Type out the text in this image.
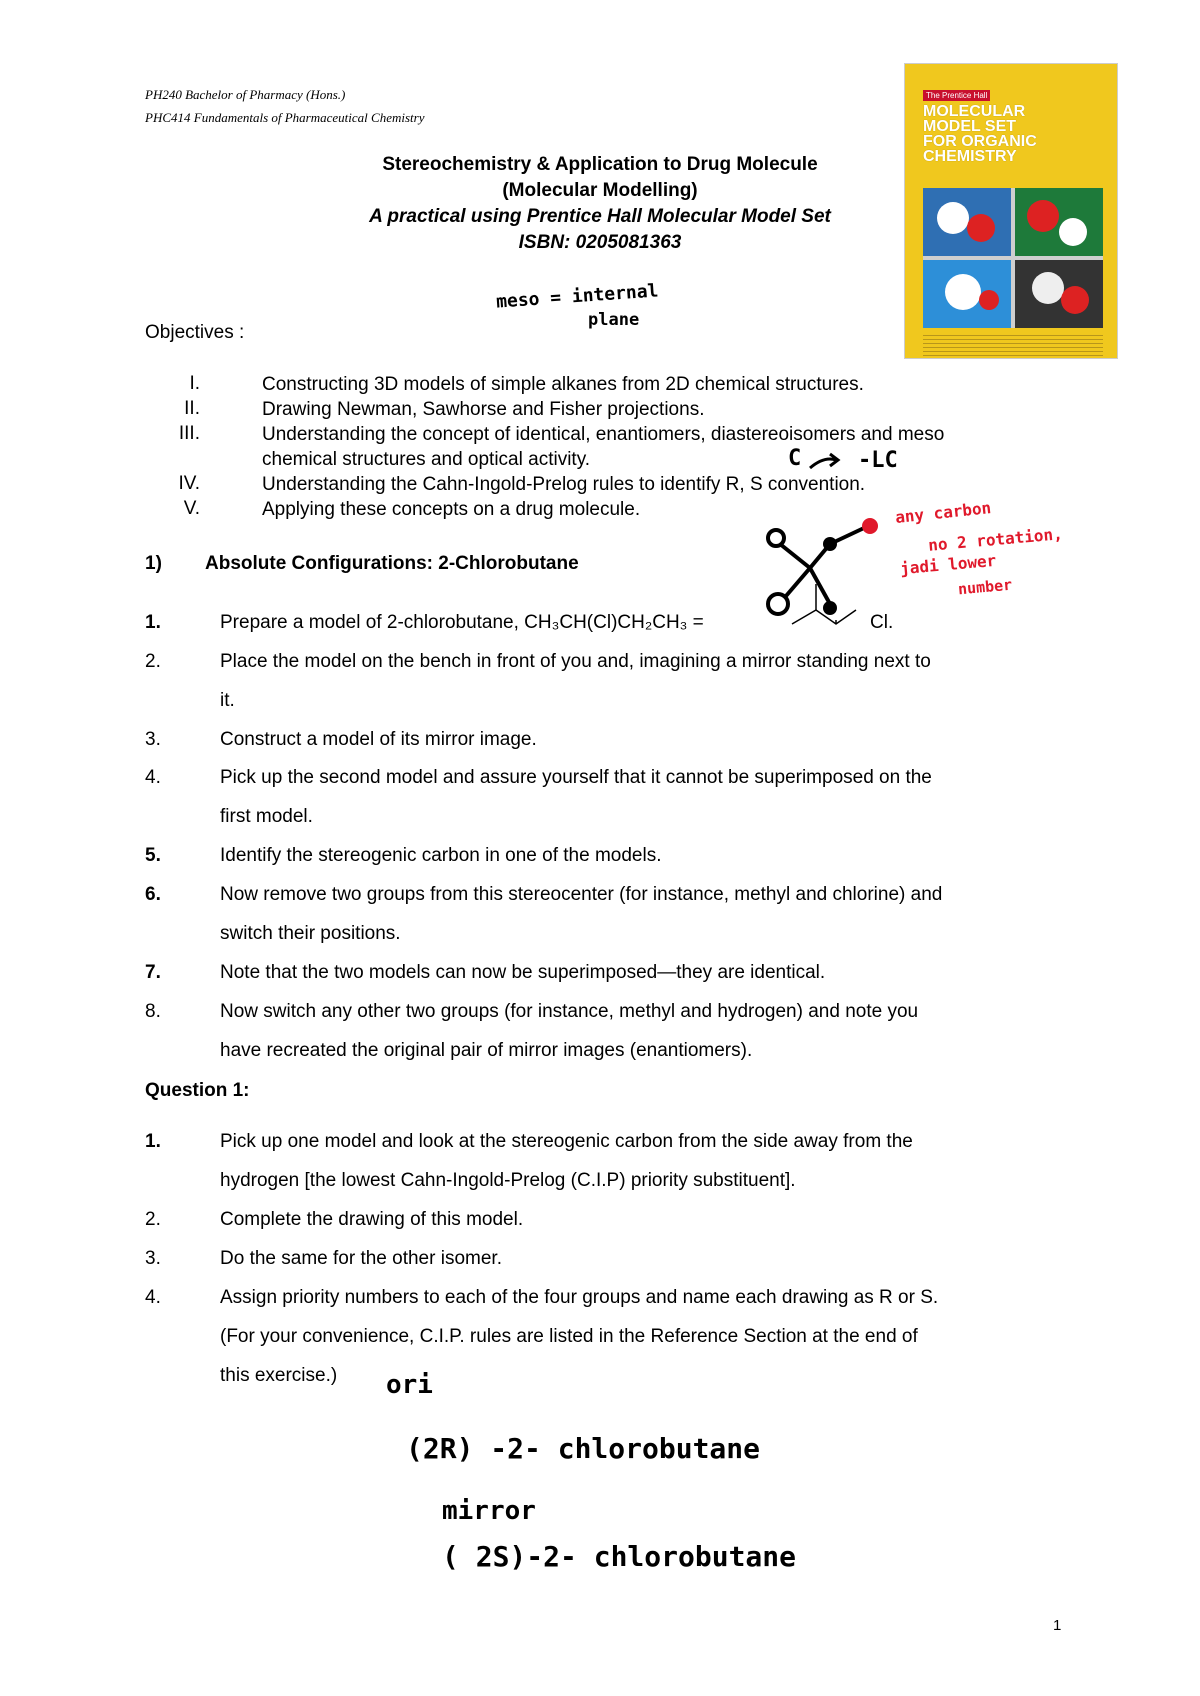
PH240 Bachelor of Pharmacy (Hons.)
PHC414 Fundamentals of Pharmaceutical Chemistry
The Prentice Hall
MOLECULAR MODEL SET FOR ORGANIC CHEMISTRY
Stereochemistry & Application to Drug Molecule
(Molecular Modelling)
A practical using Prentice Hall Molecular Model Set
ISBN: 0205081363
meso = internal
plane
Objectives :
I.	Constructing 3D models of simple alkanes from 2D chemical structures.
II.	Drawing Newman, Sawhorse and Fisher projections.
III.	Understanding the concept of identical, enantiomers, diastereoisomers and meso
chemical structures and optical activity.
IV.	Understanding the Cahn-Ingold-Prelog rules to identify R, S convention.
V.	Applying these concepts on a drug molecule.
C	-LC
any carbon
no 2 rotation,
jadi lower
number
1) Absolute Configurations: 2-Chlorobutane
Cl.
1.	Prepare a model of 2-chlorobutane, CH₃CH(Cl)CH₂CH₃ =
2.	Place the model on the bench in front of you and, imagining a mirror standing next to
it.
3.	Construct a model of its mirror image.
4.	Pick up the second model and assure yourself that it cannot be superimposed on the
first model.
5.	Identify the stereogenic carbon in one of the models.
6.	Now remove two groups from this stereocenter (for instance, methyl and chlorine) and
switch their positions.
7.	Note that the two models can now be superimposed—they are identical.
8.	Now switch any other two groups (for instance, methyl and hydrogen) and note you
have recreated the original pair of mirror images (enantiomers).
Question 1:
1.	Pick up one model and look at the stereogenic carbon from the side away from the
hydrogen [the lowest Cahn-Ingold-Prelog (C.I.P) priority substituent].
2.	Complete the drawing of this model.
3.	Do the same for the other isomer.
4.	Assign priority numbers to each of the four groups and name each drawing as R or S.
(For your convenience, C.I.P. rules are listed in the Reference Section at the end of
this exercise.)	ori
(2R) -2- chlorobutane
mirror
( 2S)-2- chlorobutane
1
